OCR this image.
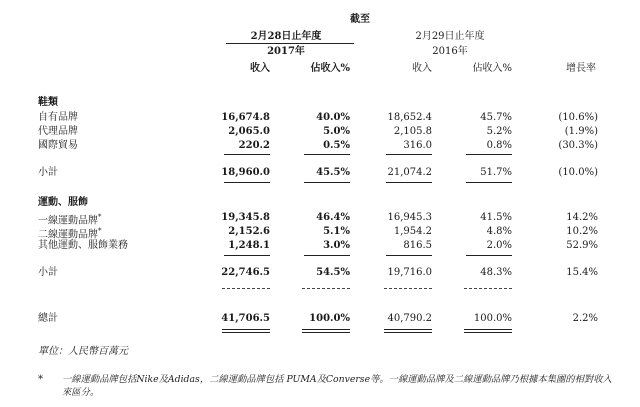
截至
2月28日止年度
2017年
2月29日止年度
2016年
收入	佔收入%	收入	佔收入%	增長率
鞋類
自有品牌	16,674.8	40.0%	18,652.4	45.7%	(10.6%)
代理品牌	2,065.0	5.0%	2,105.8	5.2%	(1.9%)
國際貿易	220.2	0.5%	316.0	0.8%	(30.3%)
小計	18,960.0	45.5%	21,074.2	51.7%	(10.0%)
運動、服飾
一線運動品牌*	19,345.8	46.4%	16,945.3	41.5%	14.2%
二線運動品牌*	2,152.6	5.1%	1,954.2	4.8%	10.2%
其他運動、服飾業務	1,248.1	3.0%	816.5	2.0%	52.9%
小計	22,746.5	54.5%	19,716.0	48.3%	15.4%
總計	41,706.5	100.0%	40,790.2	100.0%	2.2%
單位：人民幣百萬元
* 一線運動品牌包括Nike及Adidas，二線運動品牌包括 PUMA及Converse等。一線運動品牌及二線運動品牌乃根據本集團的相對收入
來區分。
